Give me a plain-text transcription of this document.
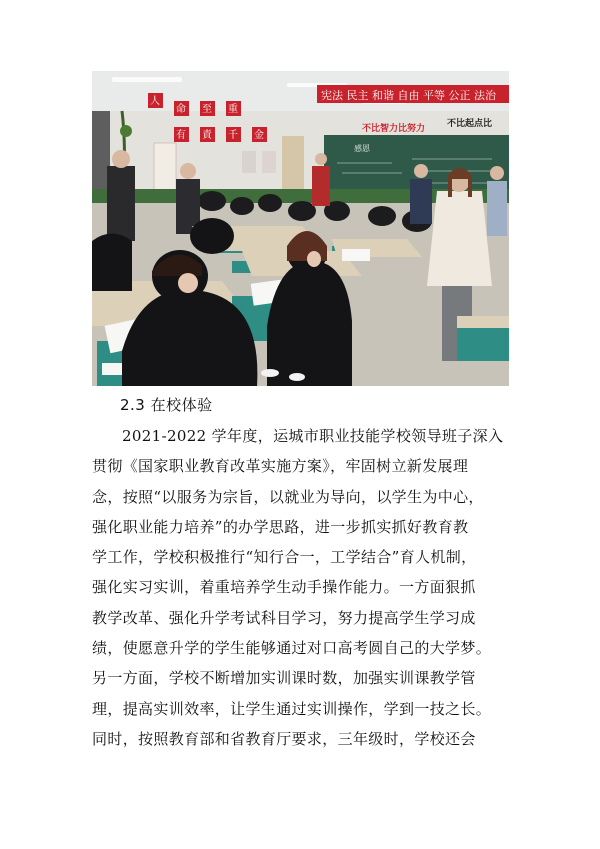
宪法 民主 和谐 自由 平等 公正 法治
人
命 至 重
有 責 千 金
不比智力比努力 不比起点比
感恩
2.3 在校体验

2021-2022 学年度，运城市职业技能学校领导班子深入

贯彻《国家职业教育改革实施方案》，牢固树立新发展理

念，按照“以服务为宗旨，以就业为导向，以学生为中心，

强化职业能力培养”的办学思路，进一步抓实抓好教育教

学工作，学校积极推行“知行合一，工学结合”育人机制，

强化实习实训，着重培养学生动手操作能力。一方面狠抓

教学改革、强化升学考试科目学习，努力提高学生学习成

绩，使愿意升学的学生能够通过对口高考圆自己的大学梦。

另一方面，学校不断增加实训课时数，加强实训课教学管

理，提高实训效率，让学生通过实训操作，学到一技之长。

同时，按照教育部和省教育厅要求，三年级时，学校还会
